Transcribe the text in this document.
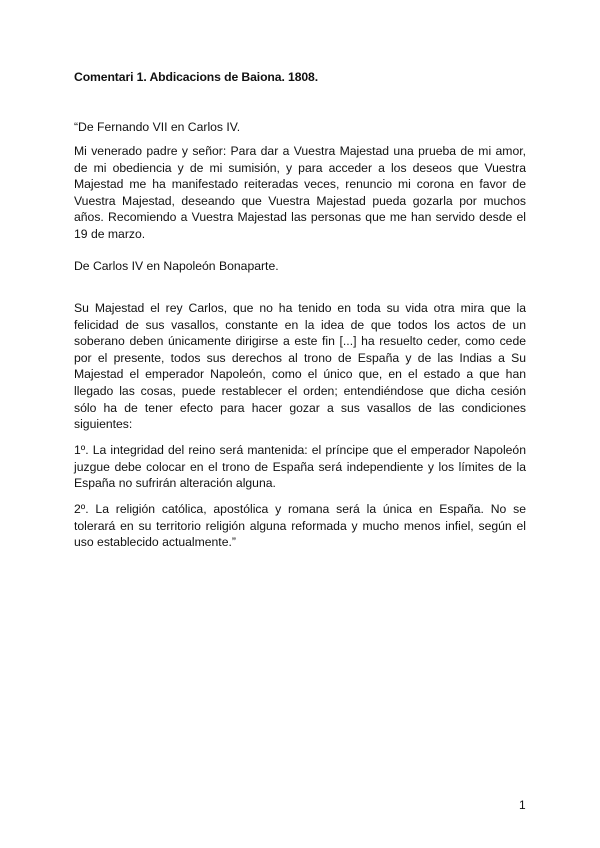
Comentari 1. Abdicacions de Baiona. 1808.

“De Fernando VII en Carlos IV.

Mi venerado padre y señor: Para dar a Vuestra Majestad una prueba de mi amor, de mi obediencia y de mi sumisión, y para acceder a los deseos que Vuestra Majestad me ha manifestado reiteradas veces, renuncio mi corona en favor de Vuestra Majestad, deseando que Vuestra Majestad pueda gozarla por muchos años. Recomiendo a Vuestra Majestad las personas que me han servido desde el 19 de marzo.

De Carlos IV en Napoleón Bonaparte.

Su Majestad el rey Carlos, que no ha tenido en toda su vida otra mira que la felicidad de sus vasallos, constante en la idea de que todos los actos de un soberano deben únicamente dirigirse a este fin [...] ha resuelto ceder, como cede por el presente, todos sus derechos al trono de España y de las Indias a Su Majestad el emperador Napoleón, como el único que, en el estado a que han llegado las cosas, puede restablecer el orden; entendiéndose que dicha cesión sólo ha de tener efecto para hacer gozar a sus vasallos de las condiciones siguientes:

1º. La integridad del reino será mantenida: el príncipe que el emperador Napoleón juzgue debe colocar en el trono de España será independiente y los límites de la España no sufrirán alteración alguna.

2º. La religión católica, apostólica y romana será la única en España. No se tolerará en su territorio religión alguna reformada y mucho menos infiel, según el uso establecido actualmente.”

1
